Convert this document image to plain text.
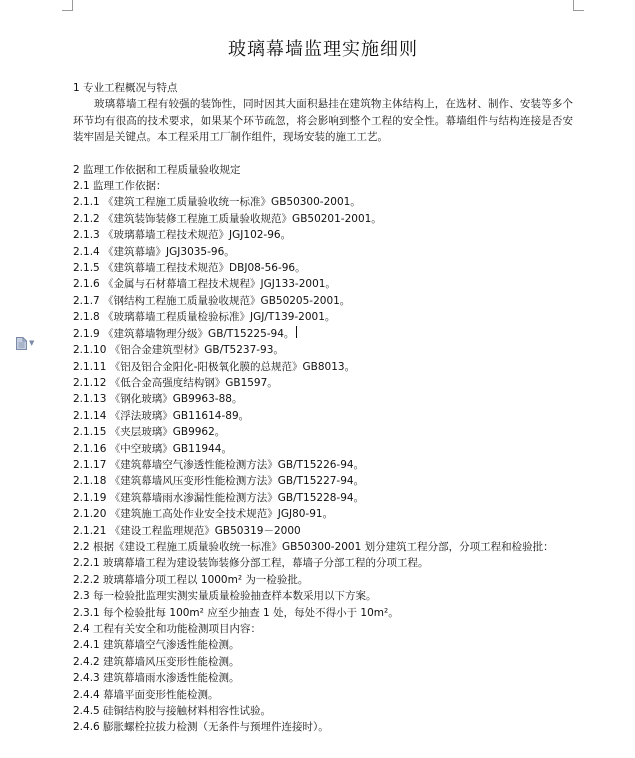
▼
玻璃幕墙监理实施细则
1 专业工程概况与特点
玻璃幕墙工程有较强的装饰性，同时因其大面积悬挂在建筑物主体结构上，在选材、制作、安装等多个环节均有很高的技术要求，如果某个环节疏忽，将会影响到整个工程的安全性。幕墙组件与结构连接是否安装牢固是关键点。本工程采用工厂制作组件，现场安装的施工工艺。
2 监理工作依据和工程质量验收规定
2.1 监理工作依据：
2.1.1 《建筑工程施工质量验收统一标准》GB50300-2001。
2.1.2 《建筑装饰装修工程施工质量验收规范》GB50201-2001。
2.1.3 《玻璃幕墙工程技术规范》JGJ102-96。
2.1.4 《建筑幕墙》JGJ3035-96。
2.1.5 《建筑幕墙工程技术规范》DBJ08-56-96。
2.1.6 《金属与石材幕墙工程技术规程》JGJ133-2001。
2.1.7 《钢结构工程施工质量验收规范》GB50205-2001。
2.1.8 《玻璃幕墙工程质量检验标准》JGJ/T139-2001。
2.1.9 《建筑幕墙物理分级》GB/T15225-94。
2.1.10 《铝合金建筑型材》GB/T5237-93。
2.1.11 《铝及铝合金阳化-阳极氧化膜的总规范》GB8013。
2.1.12 《低合金高强度结构钢》GB1597。
2.1.13 《钢化玻璃》GB9963-88。
2.1.14 《浮法玻璃》GB11614-89。
2.1.15 《夹层玻璃》GB9962。
2.1.16 《中空玻璃》GB11944。
2.1.17 《建筑幕墙空气渗透性能检测方法》GB/T15226-94。
2.1.18 《建筑幕墙风压变形性能检测方法》GB/T15227-94。
2.1.19 《建筑幕墙雨水渗漏性能检测方法》GB/T15228-94。
2.1.20 《建筑施工高处作业安全技术规范》JGJ80-91。
2.1.21 《建设工程监理规范》GB50319－2000
2.2 根据《建设工程施工质量验收统一标准》GB50300-2001 划分建筑工程分部，分项工程和检验批：
2.2.1 玻璃幕墙工程为建设装饰装修分部工程，幕墙子分部工程的分项工程。
2.2.2 玻璃幕墙分项工程以 1000m² 为一检验批。
2.3 每一检验批监理实测实量质量检验抽查样本数采用以下方案。
2.3.1 每个检验批每 100m² 应至少抽查 1 处，每处不得小于 10m²。
2.4 工程有关安全和功能检测项目内容：
2.4.1 建筑幕墙空气渗透性能检测。
2.4.2 建筑幕墙风压变形性能检测。
2.4.3 建筑幕墙雨水渗透性能检测。
2.4.4 幕墙平面变形性能检测。
2.4.5 硅铜结构胶与接触材料相容性试验。
2.4.6 膨胀螺栓拉拔力检测（无条件与预埋件连接时）。
